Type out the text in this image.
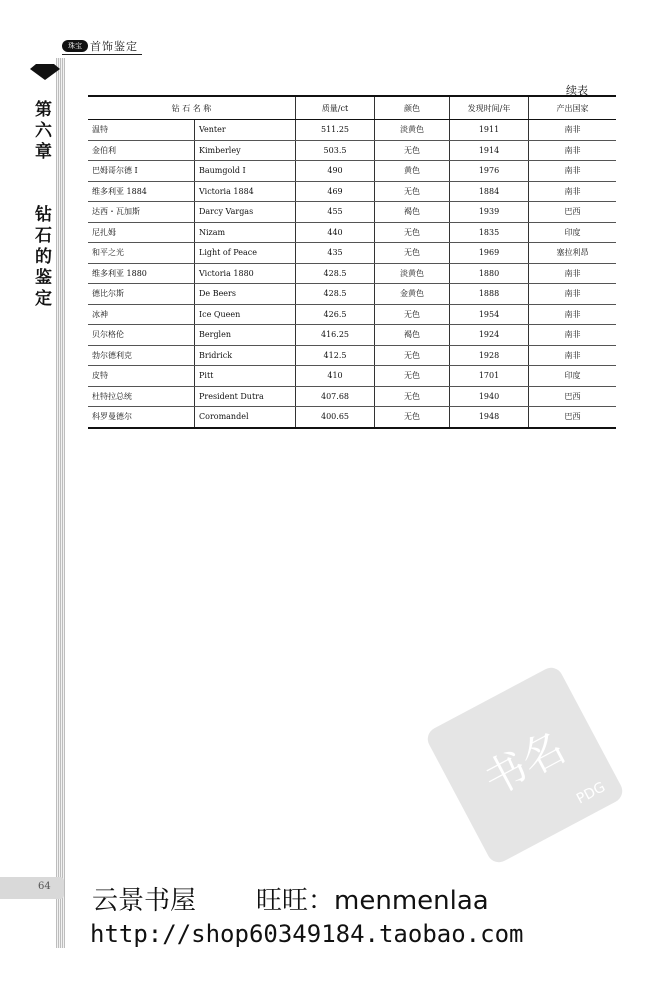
珠宝 首饰鉴定
第六章  钻石的鉴定
续表
钻 石 名 称		质量/ct	颜色	发现时间/年	产出国家
温特	Venter	511.25	淡黄色	1911	南非
金伯利	Kimberley	503.5	无色	1914	南非
巴姆哥尔德 I	Baumgold I	490	黄色	1976	南非
维多利亚 1884	Victoria 1884	469	无色	1884	南非
达西・瓦加斯	Darcy Vargas	455	褐色	1939	巴西
尼扎姆	Nizam	440	无色	1835	印度
和平之光	Light of Peace	435	无色	1969	塞拉利昂
维多利亚 1880	Victoria 1880	428.5	淡黄色	1880	南非
德比尔斯	De Beers	428.5	金黄色	1888	南非
冰神	Ice Queen	426.5	无色	1954	南非
贝尔格伦	Berglen	416.25	褐色	1924	南非
勃尔德利克	Bridrick	412.5	无色	1928	南非
皮特	Pitt	410	无色	1701	印度
杜特拉总统	President Dutra	407.68	无色	1940	巴西
科罗曼德尔	Coromandel	400.65	无色	1948	巴西
书名 PDG
64 云景书屋 旺旺：menmenlaa
http://shop60349184.taobao.com
